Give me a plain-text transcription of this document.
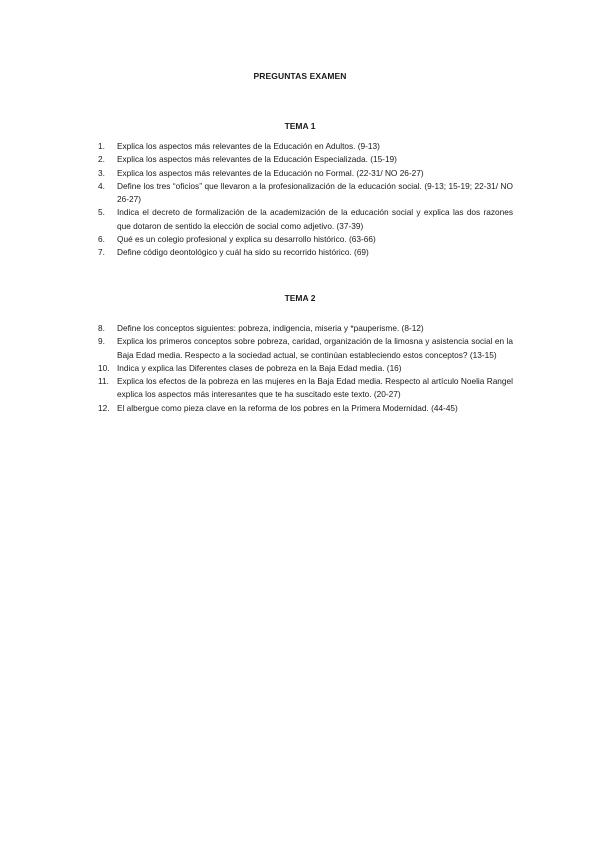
PREGUNTAS EXAMEN
TEMA 1
1. Explica los aspectos más relevantes de la Educación en Adultos. (9-13)
2. Explica los aspectos más relevantes de la Educación Especializada. (15-19)
3. Explica los aspectos más relevantes de la Educación no Formal. (22-31/ NO 26-27)
4. Define los tres “oficios” que llevaron a la profesionalización de la educación social. (9-13; 15-19; 22-31/ NO 26-27)
5. Indica el decreto de formalización de la academización de la educación social y explica las dos razones que dotaron de sentido la elección de social como adjetivo. (37-39)
6. Qué es un colegio profesional y explica su desarrollo histórico. (63-66)
7. Define código deontológico y cuál ha sido su recorrido histórico. (69)
TEMA 2
8. Define los conceptos siguientes: pobreza, indigencia, miseria y *pauperisme. (8-12)
9. Explica los primeros conceptos sobre pobreza, caridad, organización de la limosna y asistencia social en la Baja Edad media. Respecto a la sociedad actual, se continúan estableciendo estos conceptos? (13-15)
10. Indica y explica las Diferentes clases de pobreza en la Baja Edad media. (16)
11. Explica los efectos de la pobreza en las mujeres en la Baja Edad media. Respecto al artículo Noelia Rangel explica los aspectos más interesantes que te ha suscitado este texto. (20-27)
12. El albergue como pieza clave en la reforma de los pobres en la Primera Modernidad. (44-45)
